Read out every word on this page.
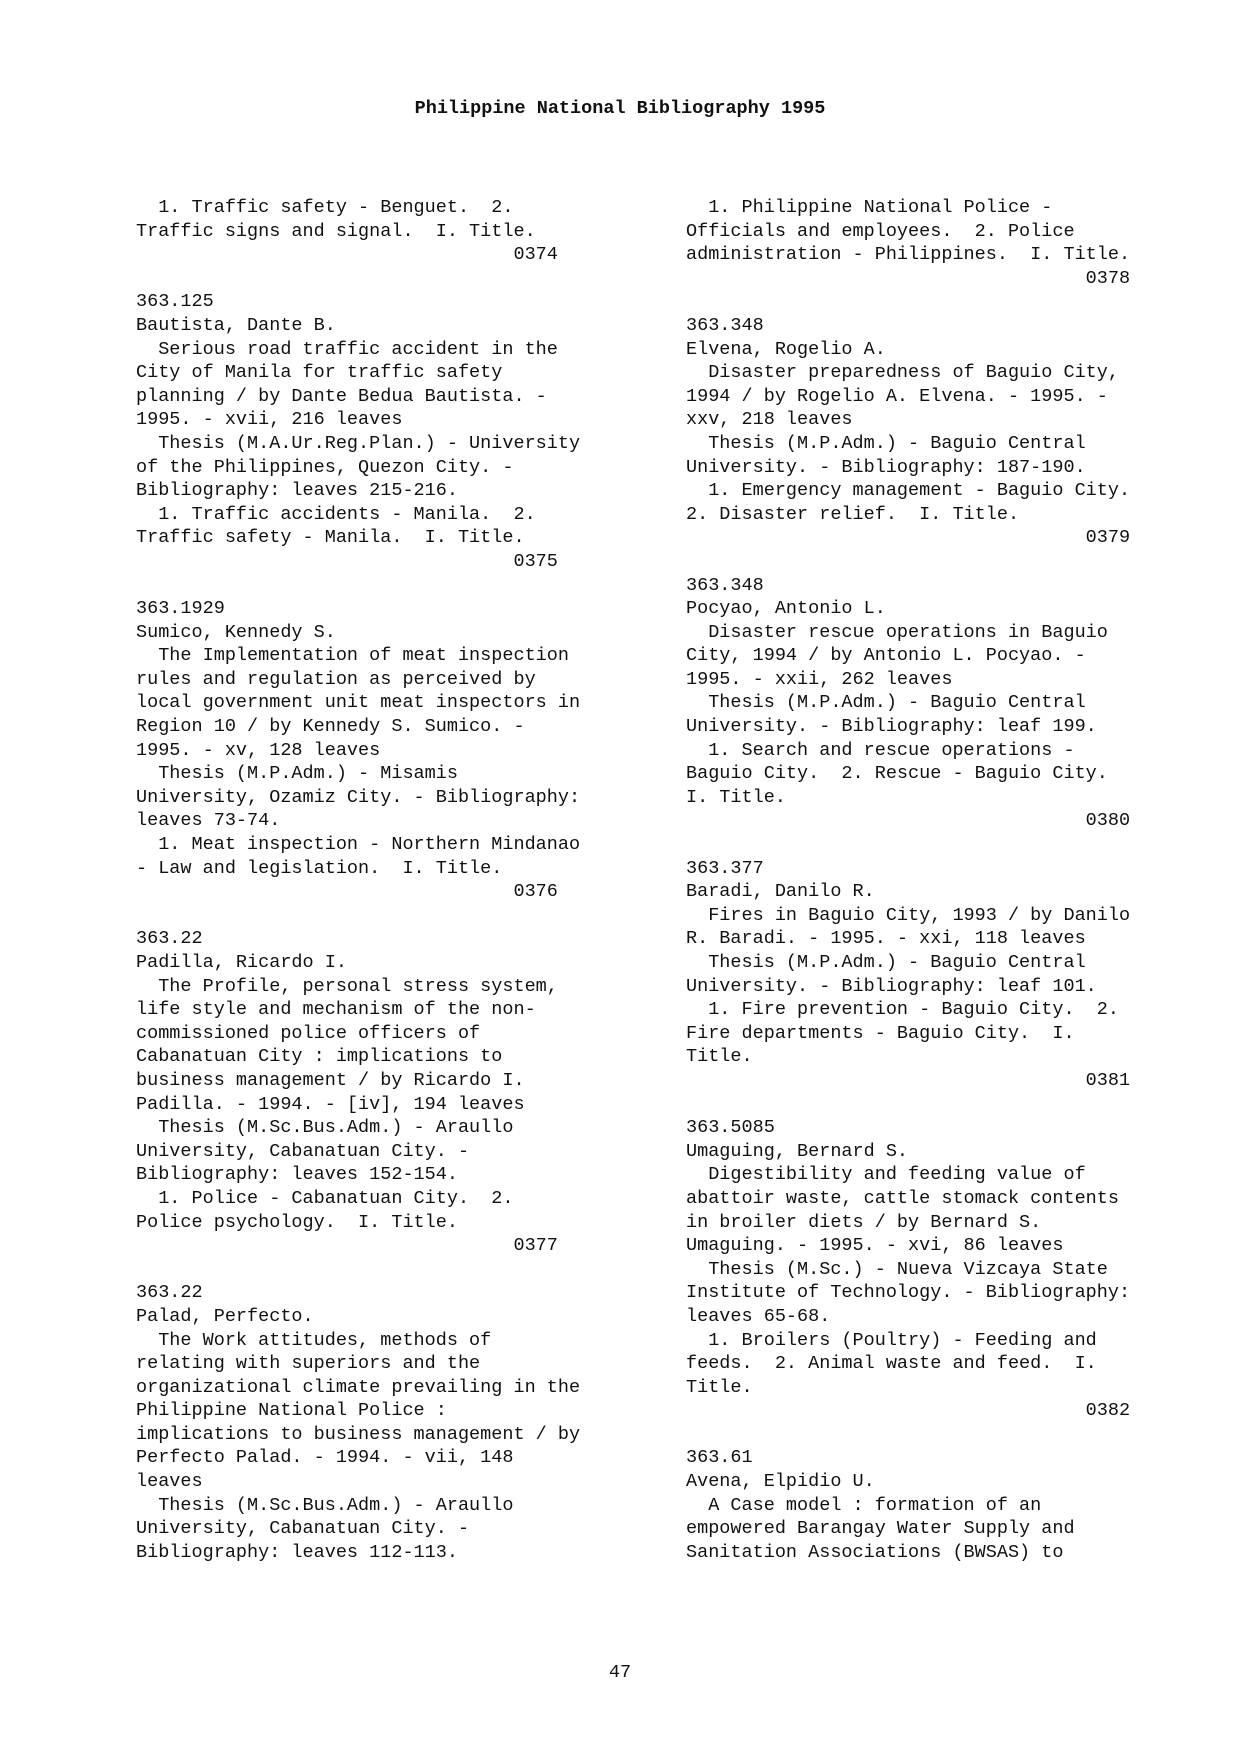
Philippine National Bibliography 1995
1. Traffic safety - Benguet.  2.
Traffic signs and signal.  I. Title.
0374
363.125
Bautista, Dante B.
Serious road traffic accident in the
City of Manila for traffic safety
planning / by Dante Bedua Bautista. -
1995. - xvii, 216 leaves
Thesis (M.A.Ur.Reg.Plan.) - University
of the Philippines, Quezon City. -
Bibliography: leaves 215-216.
1. Traffic accidents - Manila.  2.
Traffic safety - Manila.  I. Title.
0375
363.1929
Sumico, Kennedy S.
The Implementation of meat inspection
rules and regulation as perceived by
local government unit meat inspectors in
Region 10 / by Kennedy S. Sumico. -
1995. - xv, 128 leaves
Thesis (M.P.Adm.) - Misamis
University, Ozamiz City. - Bibliography:
leaves 73-74.
1. Meat inspection - Northern Mindanao
- Law and legislation.  I. Title.
0376
363.22
Padilla, Ricardo I.
The Profile, personal stress system,
life style and mechanism of the non-
commissioned police officers of
Cabanatuan City : implications to
business management / by Ricardo I.
Padilla. - 1994. - [iv], 194 leaves
Thesis (M.Sc.Bus.Adm.) - Araullo
University, Cabanatuan City. -
Bibliography: leaves 152-154.
1. Police - Cabanatuan City.  2.
Police psychology.  I. Title.
0377
363.22
Palad, Perfecto.
The Work attitudes, methods of
relating with superiors and the
organizational climate prevailing in the
Philippine National Police :
implications to business management / by
Perfecto Palad. - 1994. - vii, 148
leaves
Thesis (M.Sc.Bus.Adm.) - Araullo
University, Cabanatuan City. -
Bibliography: leaves 112-113.
1. Philippine National Police -
Officials and employees.  2. Police
administration - Philippines.  I. Title.
0378
363.348
Elvena, Rogelio A.
Disaster preparedness of Baguio City,
1994 / by Rogelio A. Elvena. - 1995. -
xxv, 218 leaves
Thesis (M.P.Adm.) - Baguio Central
University. - Bibliography: 187-190.
1. Emergency management - Baguio City.
2. Disaster relief.  I. Title.
0379
363.348
Pocyao, Antonio L.
Disaster rescue operations in Baguio
City, 1994 / by Antonio L. Pocyao. -
1995. - xxii, 262 leaves
Thesis (M.P.Adm.) - Baguio Central
University. - Bibliography: leaf 199.
1. Search and rescue operations -
Baguio City.  2. Rescue - Baguio City.
I. Title.
0380
363.377
Baradi, Danilo R.
Fires in Baguio City, 1993 / by Danilo
R. Baradi. - 1995. - xxi, 118 leaves
Thesis (M.P.Adm.) - Baguio Central
University. - Bibliography: leaf 101.
1. Fire prevention - Baguio City.  2.
Fire departments - Baguio City.  I.
Title.
0381
363.5085
Umaguing, Bernard S.
Digestibility and feeding value of
abattoir waste, cattle stomack contents
in broiler diets / by Bernard S.
Umaguing. - 1995. - xvi, 86 leaves
Thesis (M.Sc.) - Nueva Vizcaya State
Institute of Technology. - Bibliography:
leaves 65-68.
1. Broilers (Poultry) - Feeding and
feeds.  2. Animal waste and feed.  I.
Title.
0382
363.61
Avena, Elpidio U.
A Case model : formation of an
empowered Barangay Water Supply and
Sanitation Associations (BWSAS) to
47
